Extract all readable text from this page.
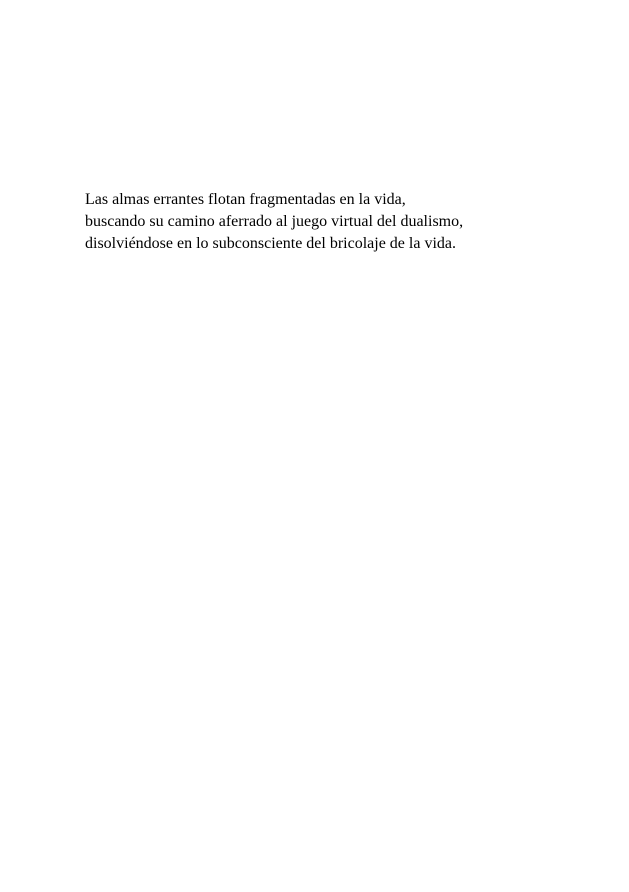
Las almas errantes flotan fragmentadas en la vida,
buscando su camino aferrado al juego virtual del dualismo,
disolviéndose en lo subconsciente del bricolaje de la vida.
